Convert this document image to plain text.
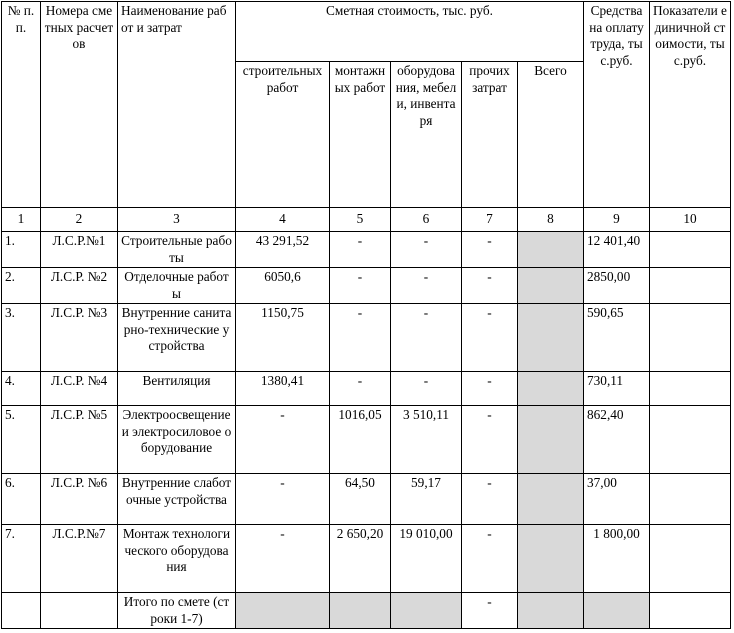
№ п. п.	Номера сметных расчетов	Наименование работ и затрат	Сметная стоимость, тыс. руб.					Средства на оплату труда, тыс.руб.	Показатели единичной стоимости, тыс.руб.
			строительных работ	монтажных работ	оборудования, мебели, инвентаря	прочих затрат	Всего		
1	2	3	4	5	6	7	8	9	10
1.	Л.С.Р.№1	Строительные работы	43 291,52	-	-	-		12 401,40	
2.	Л.С.Р. №2	Отделочные работы	6050,6	-	-	-		2850,00	
3.	Л.С.Р. №3	Внутренние санитарно-технические устройства	1150,75	-	-	-		590,65	
4.	Л.С.Р. №4	Вентиляция	1380,41	-	-	-		730,11	
5.	Л.С.Р. №5	Электроосвещение и электросиловое оборудование	-	1016,05	3 510,11	-		862,40	
6.	Л.С.Р. №6	Внутренние слаботочные устройства	-	64,50	59,17	-		37,00	
7.	Л.С.Р.№7	Монтаж технологического оборудования	-	2 650,20	19 010,00	-		1 800,00	
		Итого по смете (строки 1-7)				-			
